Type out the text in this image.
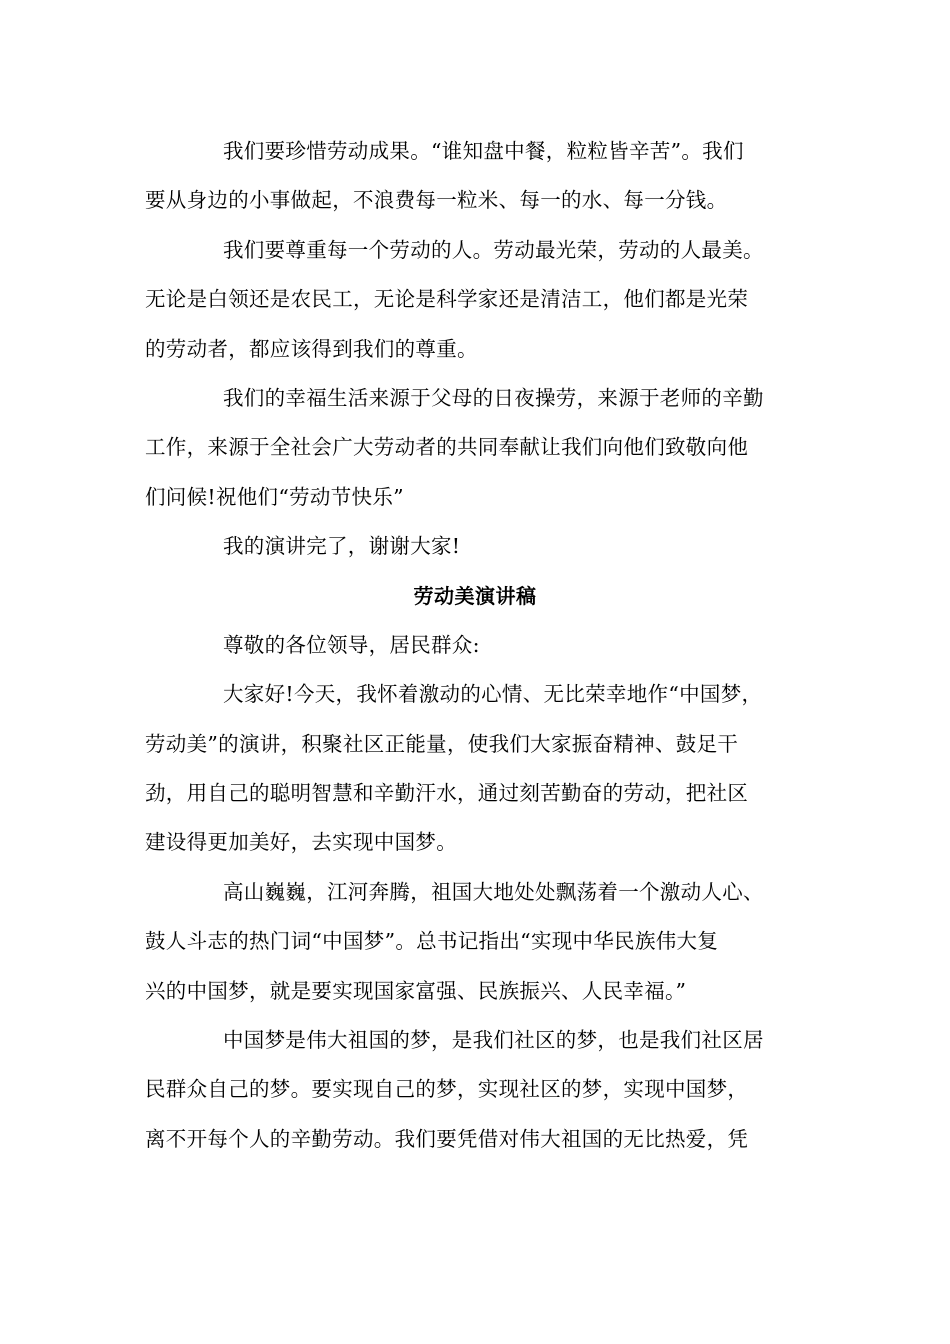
我们要珍惜劳动成果。“谁知盘中餐，粒粒皆辛苦”。我们
要从身边的小事做起，不浪费每一粒米、每一的水、每一分钱。
我们要尊重每一个劳动的人。劳动最光荣，劳动的人最美。
无论是白领还是农民工，无论是科学家还是清洁工，他们都是光荣
的劳动者，都应该得到我们的尊重。
我们的幸福生活来源于父母的日夜操劳，来源于老师的辛勤
工作，来源于全社会广大劳动者的共同奉献让我们向他们致敬向他
们问候!祝他们“劳动节快乐”
我的演讲完了，谢谢大家!
劳动美演讲稿
尊敬的各位领导，居民群众:
大家好!今天，我怀着激动的心情、无比荣幸地作“中国梦，
劳动美”的演讲，积聚社区正能量，使我们大家振奋精神、鼓足干
劲，用自己的聪明智慧和辛勤汗水，通过刻苦勤奋的劳动，把社区
建设得更加美好，去实现中国梦。
高山巍巍，江河奔腾，祖国大地处处飘荡着一个激动人心、
鼓人斗志的热门词“中国梦”。总书记指出“实现中华民族伟大复
兴的中国梦，就是要实现国家富强、民族振兴、人民幸福。”
中国梦是伟大祖国的梦，是我们社区的梦，也是我们社区居
民群众自己的梦。要实现自己的梦，实现社区的梦，实现中国梦，
离不开每个人的辛勤劳动。我们要凭借对伟大祖国的无比热爱，凭
